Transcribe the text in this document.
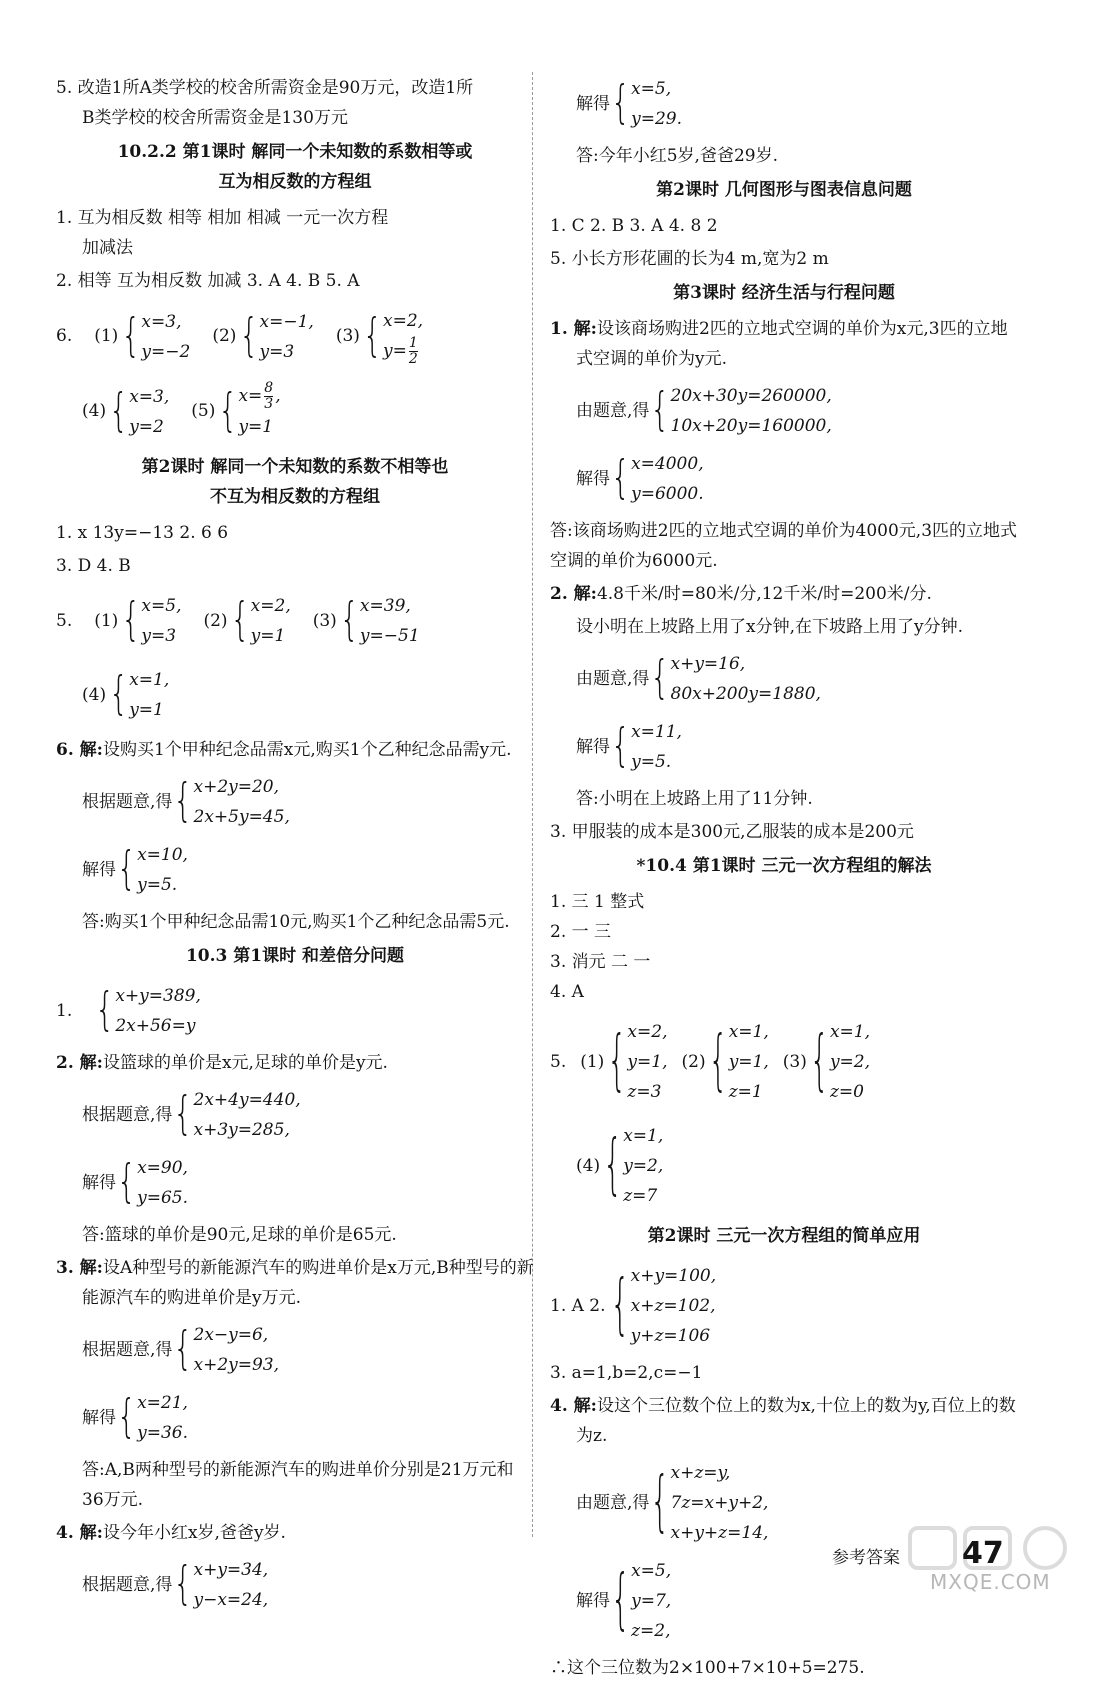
5. 改造1所A类学校的校舍所需资金是90万元，改造1所
B类学校的校舍所需资金是130万元
10.2.2 第1课时 解同一个未知数的系数相等或
互为相反数的方程组
1. 互为相反数 相等 相加 相减 一元一次方程
加减法
2. 相等 互为相反数 加减 3. A 4. B 5. A
6. (1) { x=3,
y=−2
(2) { x=−1,
y=3
(3) { x=2,
$y= \frac{1}{2}$
(4) { x=3,
y=2
(5) { $x= \frac{8}{3}$ ,
y=1
第2课时 解同一个未知数的系数不相等也
不互为相反数的方程组
1. x 13y=−13 2. 6 6
3. D 4. B
5. (1) { x=5,
y=3
(2) { x=2,
y=1
(3) { x=39,
y=−51
(4) { x=1,
y=1
6. 解:设购买1个甲种纪念品需x元,购买1个乙种纪念品需y元.
根据题意,得 { x+2y=20,
2x+5y=45,

解得 { x=10,
y=5.
答:购买1个甲种纪念品需10元,购买1个乙种纪念品需5元.
10.3 第1课时 和差倍分问题
1. { x+y=389,
2x+56=y
2. 解:设篮球的单价是x元,足球的单价是y元.
根据题意,得 { 2x+4y=440,
x+3y=285,

解得 { x=90,
y=65.
答:篮球的单价是90元,足球的单价是65元.
3. 解:设A种型号的新能源汽车的购进单价是x万元,B种型号的新能源汽车的购进单价是y万元.
根据题意,得 { 2x−y=6,
x+2y=93,

解得 { x=21,
y=36.
答:A,B两种型号的新能源汽车的购进单价分别是21万元和36万元.
4. 解:设今年小红x岁,爸爸y岁.
根据题意,得 { x+y=34,
y−x=24,
解得 { x=5,
y=29.
答:今年小红5岁,爸爸29岁.
第2课时 几何图形与图表信息问题
1. C 2. B 3. A 4. 8 2
5. 小长方形花圃的长为4 m,宽为2 m
第3课时 经济生活与行程问题
1. 解:设该商场购进2匹的立地式空调的单价为x元,3匹的立地式空调的单价为y元.
由题意,得 { 20x+30y=260000,
10x+20y=160000,

解得 { x=4000,
y=6000.
答:该商场购进2匹的立地式空调的单价为4000元,3匹的立地式空调的单价为6000元.
2. 解:4.8千米/时=80米/分,12千米/时=200米/分.
设小明在上坡路上用了x分钟,在下坡路上用了y分钟.
由题意,得 { x+y=16,
80x+200y=1880,

解得 { x=11,
y=5.
答:小明在上坡路上用了11分钟.
3. 甲服装的成本是300元,乙服装的成本是200元
*10.4 第1课时 三元一次方程组的解法
1. 三 1 整式
2. 一 三
3. 消元 二 一
4. A
5. (1) { x=2,
y=1,
z=3
(2) { x=1,
y=1,
z=1
(3) { x=1,
y=2,
z=0
(4) { x=1,
y=2,
z=7
第2课时 三元一次方程组的简单应用
1. A 2. { x+y=100,
x+z=102,
y+z=106
3. a=1,b=2,c=−1
4. 解:设这个三位数个位上的数为x,十位上的数为y,百位上的数为z.
由题意,得 { x+z=y,
7z=x+y+2,
x+y+z=14,

解得 { x=5,
y=7,
z=2,
∴这个三位数为2×100+7×10+5=275.
MXQE.COM
参考答案 47
